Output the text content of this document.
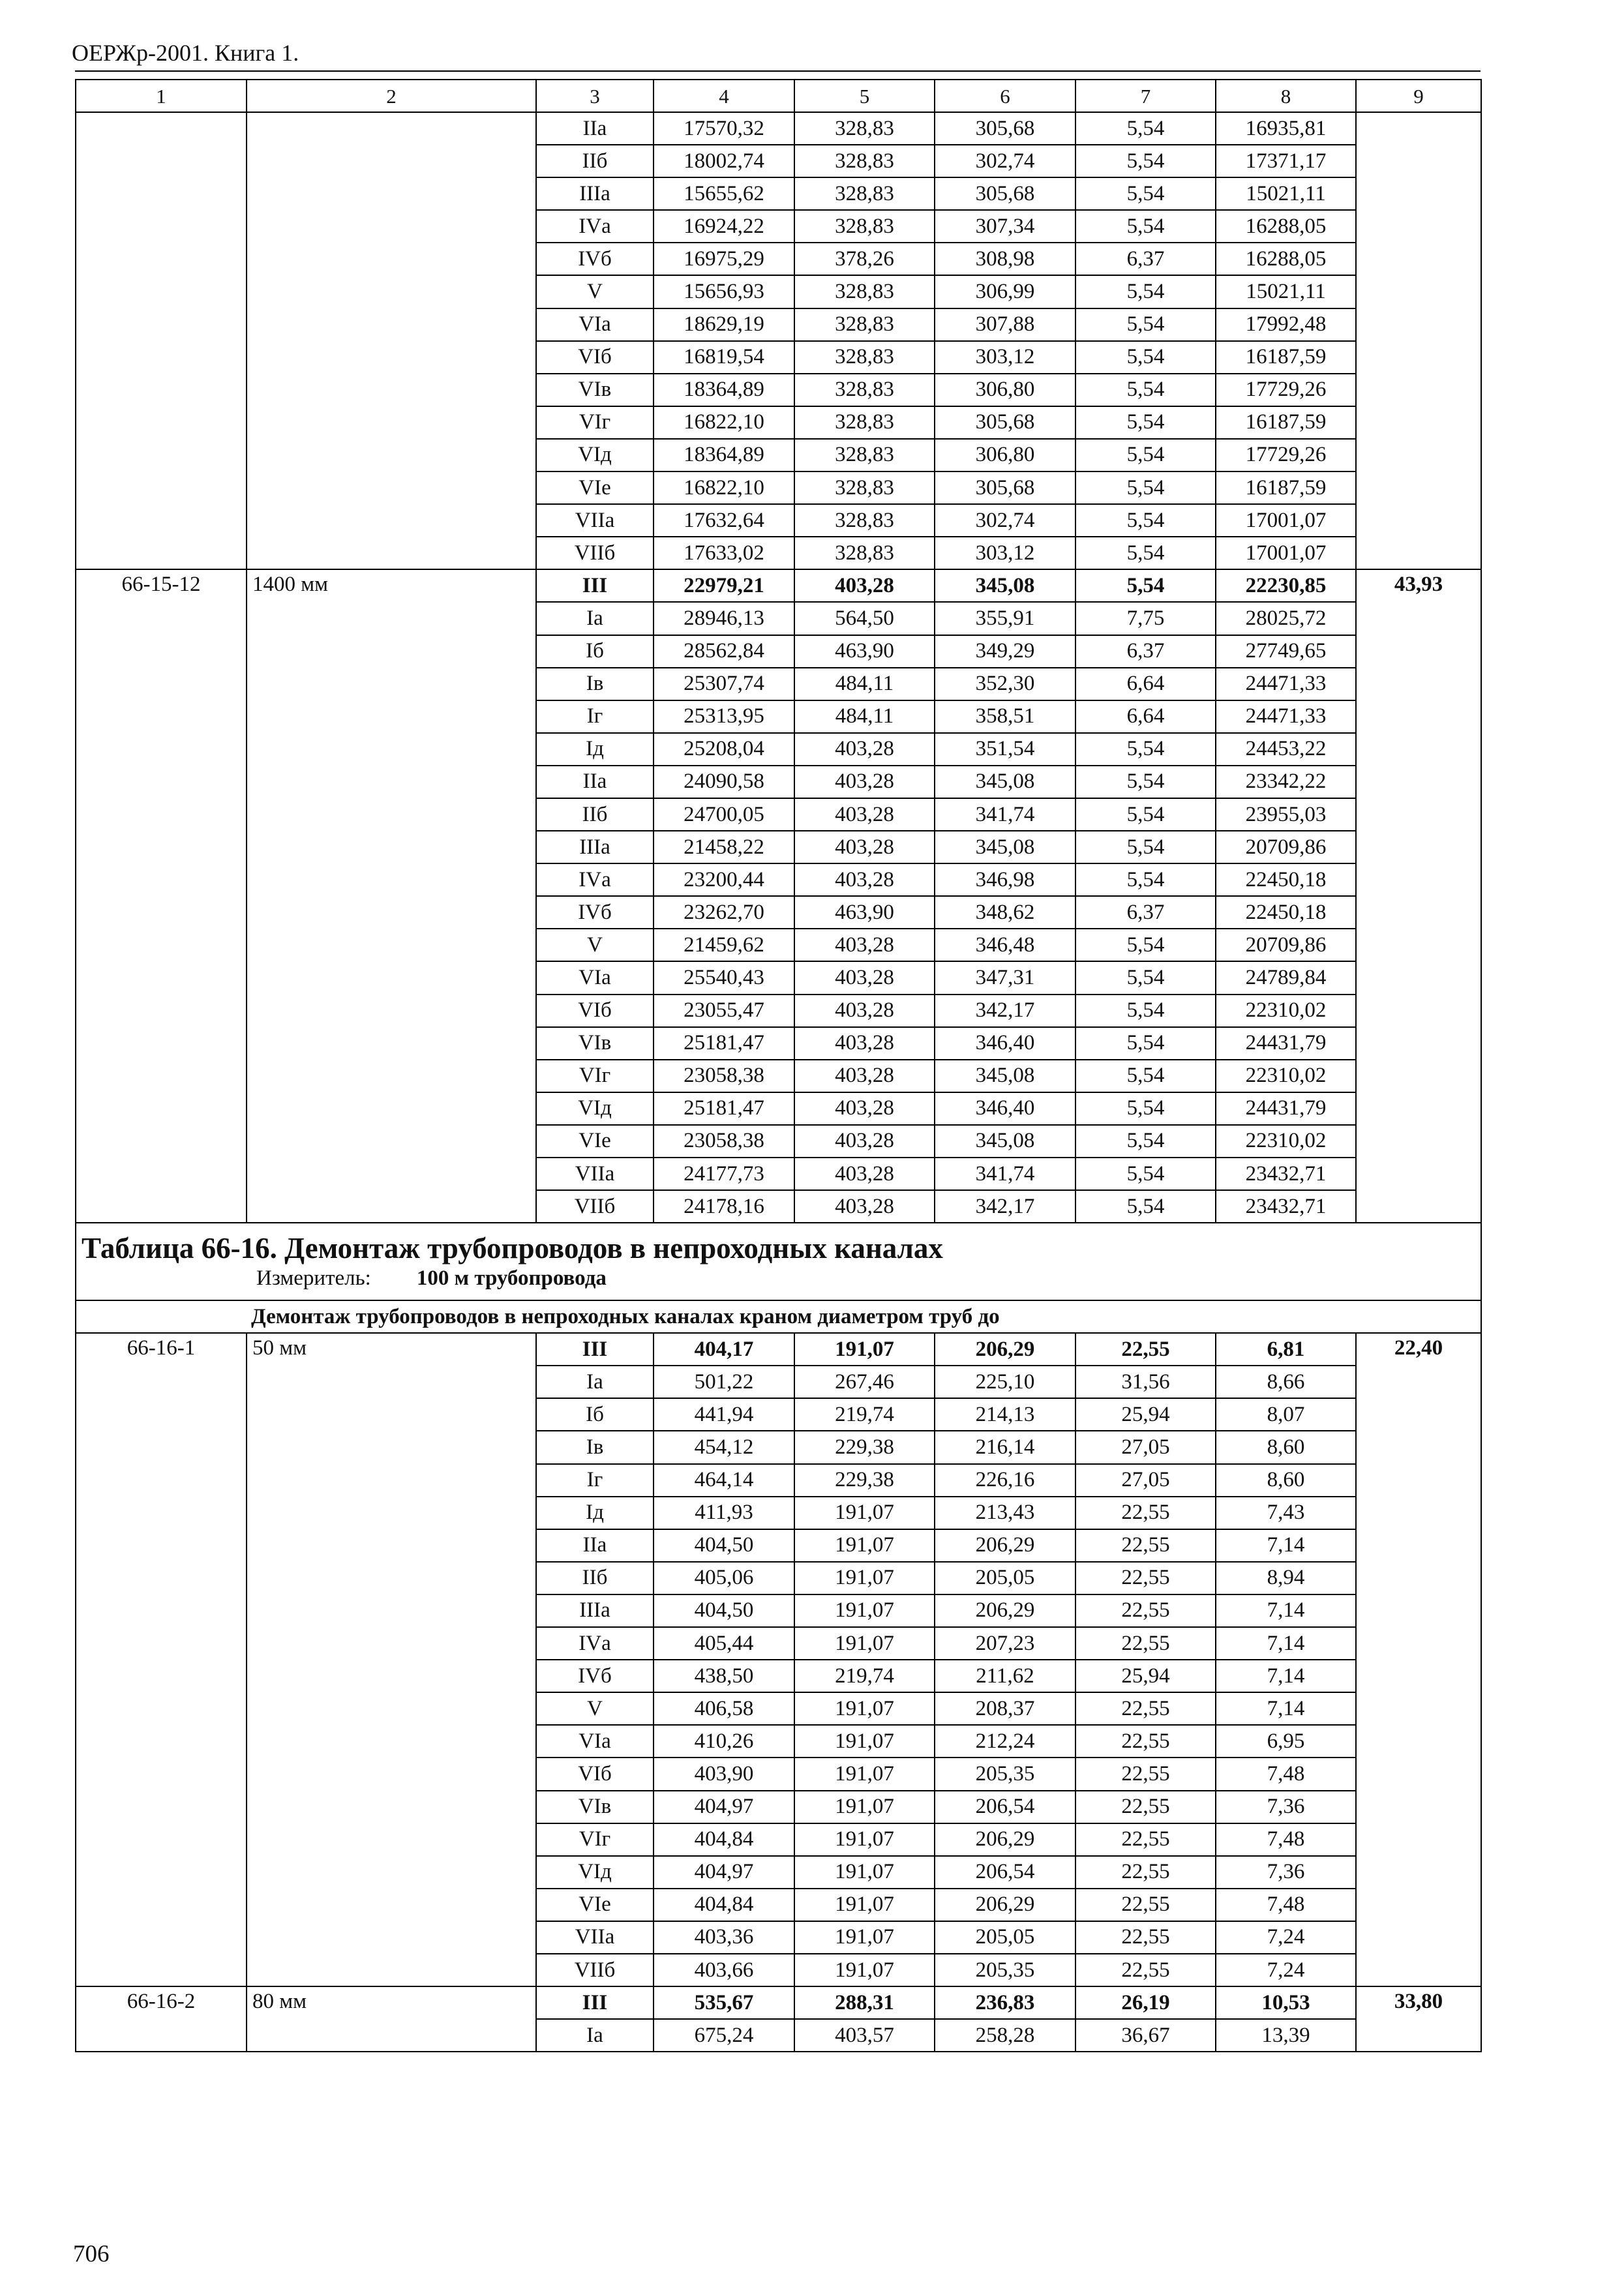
ОЕРЖр-2001. Книга 1.
1	2	3	4	5	6	7	8	9
		IIа	17570,32	328,83	305,68	5,54	16935,81	
		IIб	18002,74	328,83	302,74	5,54	17371,17	
		IIIа	15655,62	328,83	305,68	5,54	15021,11	
		IVа	16924,22	328,83	307,34	5,54	16288,05	
		IVб	16975,29	378,26	308,98	6,37	16288,05	
		V	15656,93	328,83	306,99	5,54	15021,11	
		VIа	18629,19	328,83	307,88	5,54	17992,48	
		VIб	16819,54	328,83	303,12	5,54	16187,59	
		VIв	18364,89	328,83	306,80	5,54	17729,26	
		VIг	16822,10	328,83	305,68	5,54	16187,59	
		VIд	18364,89	328,83	306,80	5,54	17729,26	
		VIе	16822,10	328,83	305,68	5,54	16187,59	
		VIIа	17632,64	328,83	302,74	5,54	17001,07	
		VIIб	17633,02	328,83	303,12	5,54	17001,07	
66-15-12	1400 мм	III	22979,21	403,28	345,08	5,54	22230,85	43,93
		Iа	28946,13	564,50	355,91	7,75	28025,72	
		Iб	28562,84	463,90	349,29	6,37	27749,65	
		Iв	25307,74	484,11	352,30	6,64	24471,33	
		Iг	25313,95	484,11	358,51	6,64	24471,33	
		Iд	25208,04	403,28	351,54	5,54	24453,22	
		IIа	24090,58	403,28	345,08	5,54	23342,22	
		IIб	24700,05	403,28	341,74	5,54	23955,03	
		IIIа	21458,22	403,28	345,08	5,54	20709,86	
		IVа	23200,44	403,28	346,98	5,54	22450,18	
		IVб	23262,70	463,90	348,62	6,37	22450,18	
		V	21459,62	403,28	346,48	5,54	20709,86	
		VIа	25540,43	403,28	347,31	5,54	24789,84	
		VIб	23055,47	403,28	342,17	5,54	22310,02	
		VIв	25181,47	403,28	346,40	5,54	24431,79	
		VIг	23058,38	403,28	345,08	5,54	22310,02	
		VIд	25181,47	403,28	346,40	5,54	24431,79	
		VIе	23058,38	403,28	345,08	5,54	22310,02	
		VIIа	24177,73	403,28	341,74	5,54	23432,71	
		VIIб	24178,16	403,28	342,17	5,54	23432,71	

Таблица 66-16. Демонтаж трубопроводов в непроходных каналах
Измеритель: 100 м трубопровода								

Демонтаж трубопроводов в непроходных каналах краном диаметром труб до								
66-16-1	50 мм	III	404,17	191,07	206,29	22,55	6,81	22,40
		Iа	501,22	267,46	225,10	31,56	8,66	
		Iб	441,94	219,74	214,13	25,94	8,07	
		Iв	454,12	229,38	216,14	27,05	8,60	
		Iг	464,14	229,38	226,16	27,05	8,60	
		Iд	411,93	191,07	213,43	22,55	7,43	
		IIа	404,50	191,07	206,29	22,55	7,14	
		IIб	405,06	191,07	205,05	22,55	8,94	
		IIIа	404,50	191,07	206,29	22,55	7,14	
		IVа	405,44	191,07	207,23	22,55	7,14	
		IVб	438,50	219,74	211,62	25,94	7,14	
		V	406,58	191,07	208,37	22,55	7,14	
		VIа	410,26	191,07	212,24	22,55	6,95	
		VIб	403,90	191,07	205,35	22,55	7,48	
		VIв	404,97	191,07	206,54	22,55	7,36	
		VIг	404,84	191,07	206,29	22,55	7,48	
		VIд	404,97	191,07	206,54	22,55	7,36	
		VIе	404,84	191,07	206,29	22,55	7,48	
		VIIа	403,36	191,07	205,05	22,55	7,24	
		VIIб	403,66	191,07	205,35	22,55	7,24	
66-16-2	80 мм	III	535,67	288,31	236,83	26,19	10,53	33,80
		Iа	675,24	403,57	258,28	36,67	13,39	
706
